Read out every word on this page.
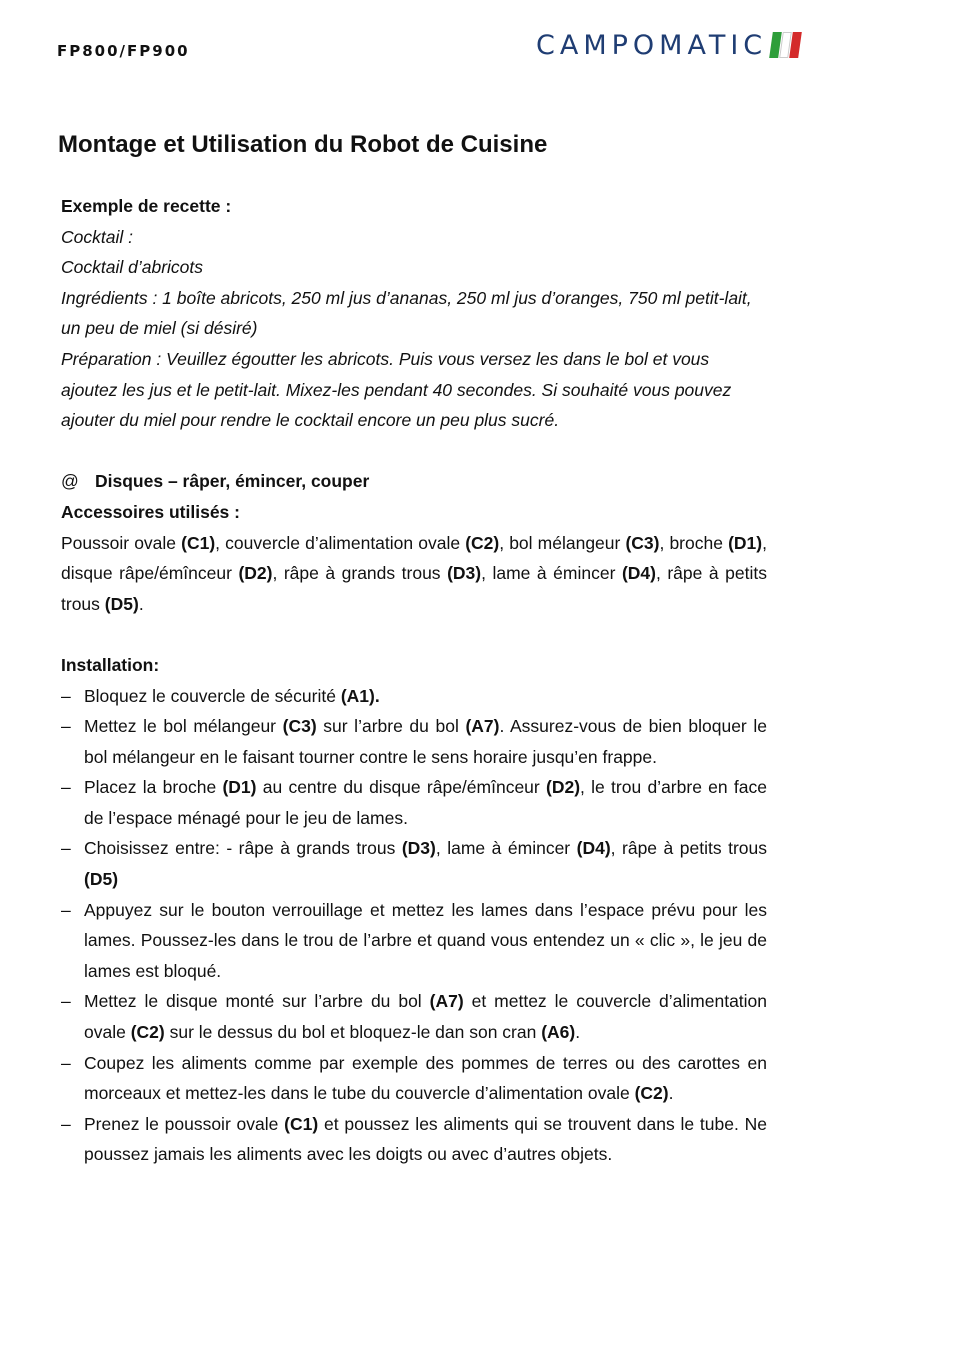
FP800/FP900	CAMPOMATIC
Montage et Utilisation du Robot de Cuisine

Exemple de recette :

Cocktail :

Cocktail d’abricots

Ingrédients : 1 boîte abricots, 250 ml jus d’ananas, 250 ml jus d’oranges, 750 ml petit-lait, un peu de miel (si désiré)

Préparation : Veuillez égoutter les abricots. Puis vous versez les dans le bol et vous ajoutez les jus et le petit-lait. Mixez-les pendant 40 secondes. Si souhaité vous pouvez ajouter du miel pour rendre le cocktail encore un peu plus sucré.

@ Disques – râper, émincer, couper

Accessoires utilisés :

Poussoir ovale (C1), couvercle d’alimentation ovale (C2), bol mélangeur (C3), broche (D1), disque râpe/émînceur (D2), râpe à grands trous (D3), lame à émincer (D4), râpe à petits trous (D5).

Installation:

– Bloquez le couvercle de sécurité (A1).
– Mettez le bol mélangeur (C3) sur l’arbre du bol (A7). Assurez-vous de bien bloquer le bol mélangeur en le faisant tourner contre le sens horaire jusqu’en frappe.
– Placez la broche (D1) au centre du disque râpe/émînceur (D2), le trou d’arbre en face de l’espace ménagé pour le jeu de lames.
– Choisissez entre: - râpe à grands trous (D3), lame à émincer (D4), râpe à petits trous (D5)
– Appuyez sur le bouton verrouillage et mettez les lames dans l’espace prévu pour les lames. Poussez-les dans le trou de l’arbre et quand vous entendez un « clic », le jeu de lames est bloqué.
– Mettez le disque monté sur l’arbre du bol (A7) et mettez le couvercle d’alimentation ovale (C2) sur le dessus du bol et bloquez-le dan son cran (A6).
– Coupez les aliments comme par exemple des pommes de terres ou des carottes en morceaux et mettez-les dans le tube du couvercle d’alimentation ovale (C2).
– Prenez le poussoir ovale (C1) et poussez les aliments qui se trouvent dans le tube. Ne poussez jamais les aliments avec les doigts ou avec d’autres objets.
